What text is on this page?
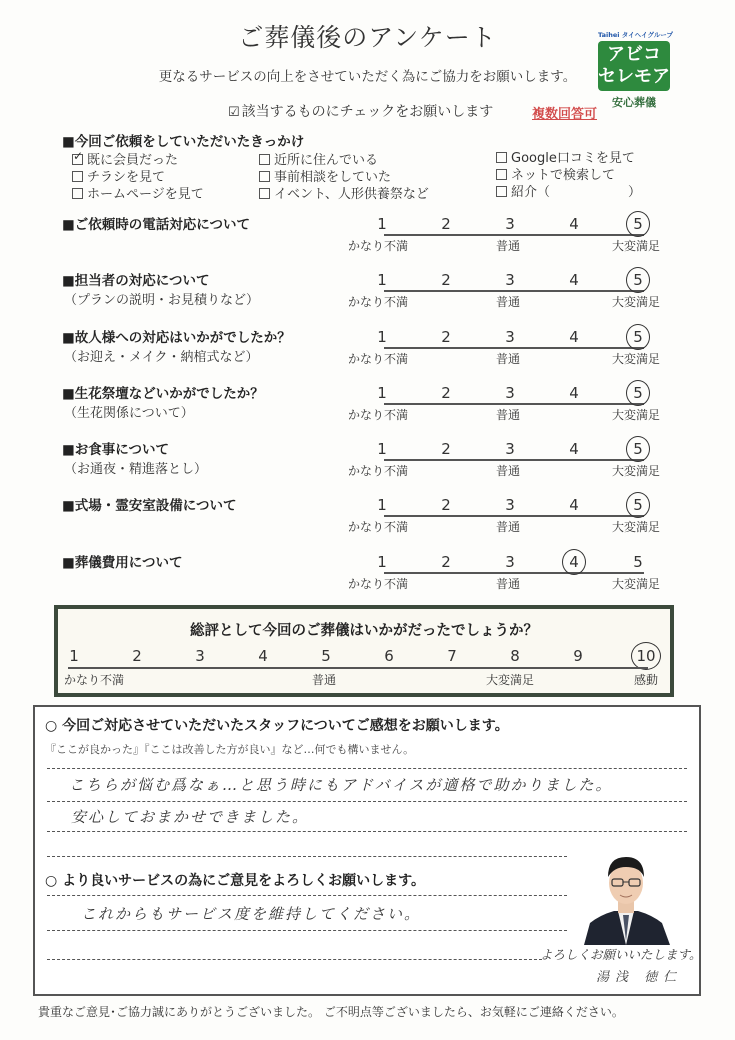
ご葬儀後のアンケート
更なるサービスの向上をさせていただく為にご協力をお願いします。
☑ 該当するものにチェックをお願いします	複数回答可
Taihei タイヘイグループ
アビコ
セレモア
安心葬儀
■今回ご依頼をしていただいたきっかけ
✓既に会員だった
チラシを見て
ホームページを見て
近所に住んでいる
事前相談をしていた
イベント、人形供養祭など
Google口コミを見て
ネットで検索して
紹介（　　　　　　）
■ご依頼時の電話対応について	1	2	3	4	5
かなり不満	普通	大変満足
■担当者の対応について
（プランの説明・お見積りなど）
1	2	3	4	5
かなり不満	普通	大変満足
■故人様への対応はいかがでしたか？
（お迎え・メイク・納棺式など）
1	2	3	4	5
かなり不満	普通	大変満足
■生花祭壇などいかがでしたか？
（生花関係について）
1	2	3	4	5
かなり不満	普通	大変満足
■お食事について
（お通夜・精進落とし）
1	2	3	4	5
かなり不満	普通	大変満足
■式場・霊安室設備について	1	2	3	4	5
かなり不満	普通	大変満足
■葬儀費用について	1	2	3	4	5
かなり不満	普通	大変満足
総評として今回のご葬儀はいかがだったでしょうか？
1	2	3	4	5	6	7	8	9	10
かなり不満	普通	大変満足	感動
○ 今回ご対応させていただいたスタッフについてご感想をお願いします。
『ここが良かった』『ここは改善した方が良い』など…何でも構いません。
こちらが悩む爲なぁ…と思う時にもアドバイスが適格で助かりました。
安心しておまかせできました。
○ より良いサービスの為にご意見をよろしくお願いします。
これからもサービス度を維持してください。
よろしくお願いいたします。
湯浅 徳仁
貴重なご意見･ご協力誠にありがとうございました。 ご不明点等ございましたら、お気軽にご連絡ください。
